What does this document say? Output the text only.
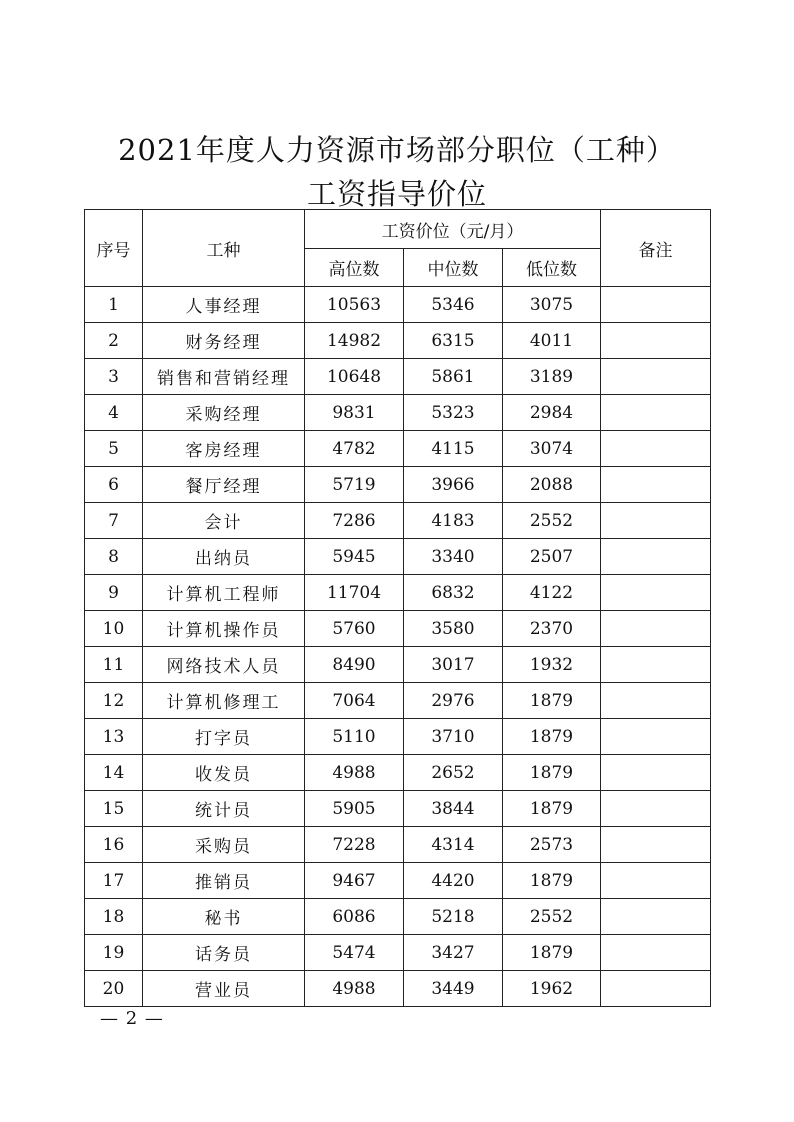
2021年度人力资源市场部分职位（工种）
工资指导价位
序号	工种	工资价位（元/月）			备注
		高位数	中位数	低位数	
1	人事经理	10563	5346	3075	
2	财务经理	14982	6315	4011	
3	销售和营销经理	10648	5861	3189	
4	采购经理	9831	5323	2984	
5	客房经理	4782	4115	3074	
6	餐厅经理	5719	3966	2088	
7	会计	7286	4183	2552	
8	出纳员	5945	3340	2507	
9	计算机工程师	11704	6832	4122	
10	计算机操作员	5760	3580	2370	
11	网络技术人员	8490	3017	1932	
12	计算机修理工	7064	2976	1879	
13	打字员	5110	3710	1879	
14	收发员	4988	2652	1879	
15	统计员	5905	3844	1879	
16	采购员	7228	4314	2573	
17	推销员	9467	4420	1879	
18	秘书	6086	5218	2552	
19	话务员	5474	3427	1879	
20	营业员	4988	3449	1962	
— 2 —
